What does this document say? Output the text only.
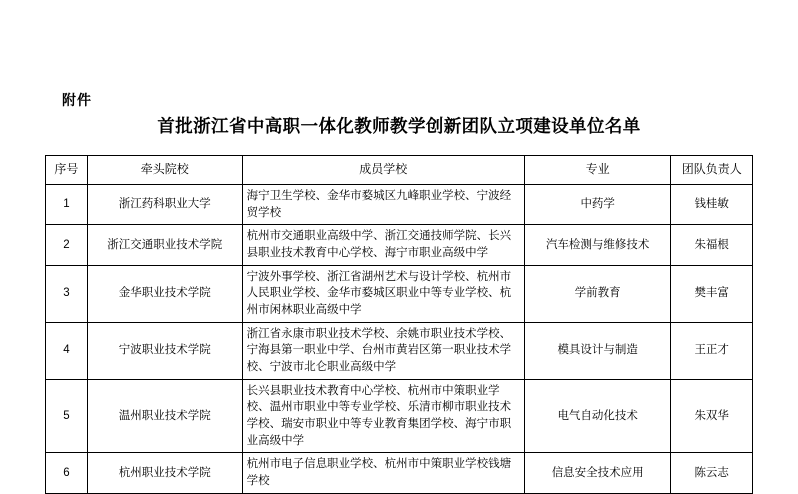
附件
首批浙江省中高职一体化教师教学创新团队立项建设单位名单
序号	牵头院校	成员学校	专业	团队负责人
1	浙江药科职业大学	海宁卫生学校、金华市婺城区九峰职业学校、宁波经贸学校	中药学	钱桂敏
2	浙江交通职业技术学院	杭州市交通职业高级中学、浙江交通技师学院、长兴县职业技术教育中心学校、海宁市职业高级中学	汽车检测与维修技术	朱福根
3	金华职业技术学院	宁波外事学校、浙江省湖州艺术与设计学校、杭州市人民职业学校、金华市婺城区职业中等专业学校、杭州市闲林职业高级中学	学前教育	樊丰富
4	宁波职业技术学院	浙江省永康市职业技术学校、余姚市职业技术学校、宁海县第一职业中学、台州市黄岩区第一职业技术学校、宁波市北仑职业高级中学	模具设计与制造	王正才
5	温州职业技术学院	长兴县职业技术教育中心学校、杭州市中策职业学校、温州市职业中等专业学校、乐清市柳市职业技术学校、瑞安市职业中等专业教育集团学校、海宁市职业高级中学	电气自动化技术	朱双华
6	杭州职业技术学院	杭州市电子信息职业学校、杭州市中策职业学校钱塘学校	信息安全技术应用	陈云志
